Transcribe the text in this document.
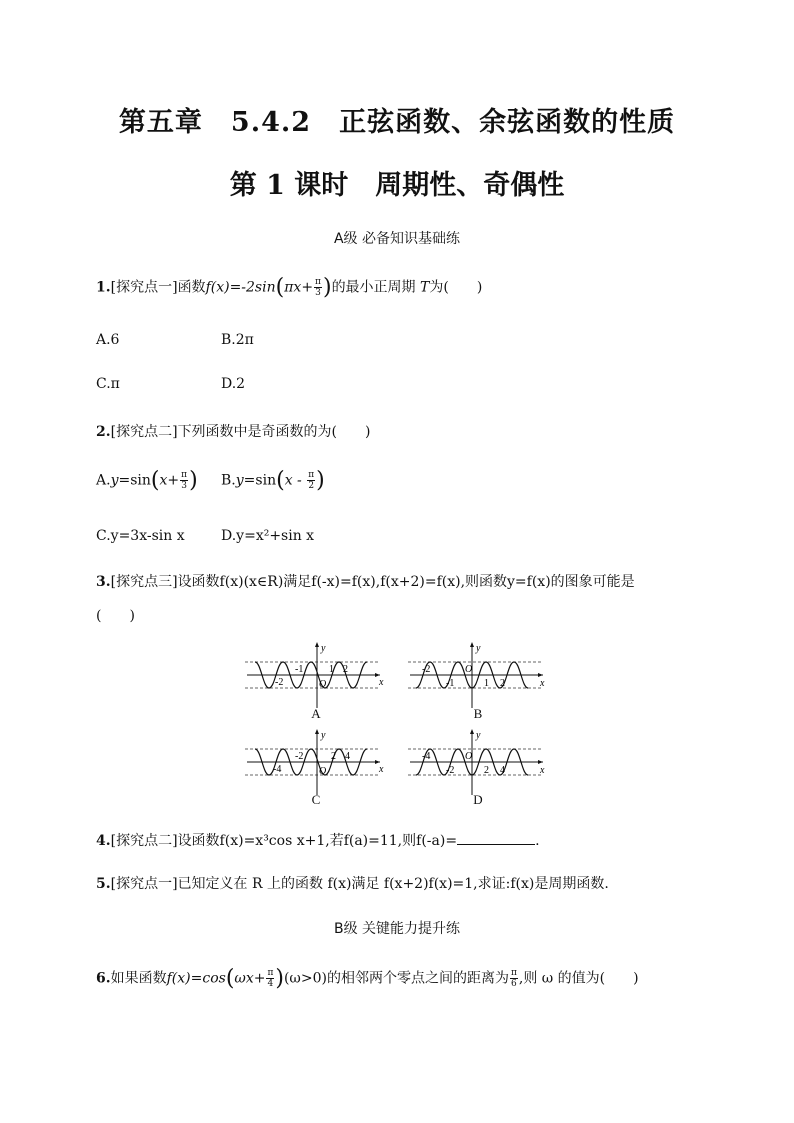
第五章　5.4.2　正弦函数、余弦函数的性质
第 1 课时　周期性、奇偶性
A级 必备知识基础练
1.[探究点一]函数$f(x)=-2\sin(\pi x+ \frac{\pi}{3}$ )的最小正周期 T为(　　)
A.6	B.2π
C.π	D.2
2.[探究点二]下列函数中是奇函数的为(　　)
$A.y=\sin(x+ \frac{\pi}{3}$ ) $B.y=\sin(x - \frac{\pi}{2}$ )
C.y=3x-sin x	D.y=x²+sin x
3.[探究点三]设函数f(x)(x∈R)满足f(-x)=f(x),f(x+2)=f(x),则函数y=f(x)的图象可能是
(　　)
x
y
O
-1	1 2
-2
A
x
y
O
-2
-1	1 2
B
x
y
O
-2	2 4
-4
C
x
y
O
-4
-2	2 4
D
4.[探究点二]设函数f(x)=x³cos x+1,若f(a)=11,则f(-a)=	.
5.[探究点一]已知定义在 R 上的函数 f(x)满足 f(x+2)f(x)=1,求证:f(x)是周期函数.
B级 关键能力提升练
6.如果函数$f(x)=\cos(\omega x+ \frac{\pi}{4} )(\omega>0)$的相邻两个零点之间的距离为 $\frac{\pi}{6}$ ,则 ω 的值为(　　)
